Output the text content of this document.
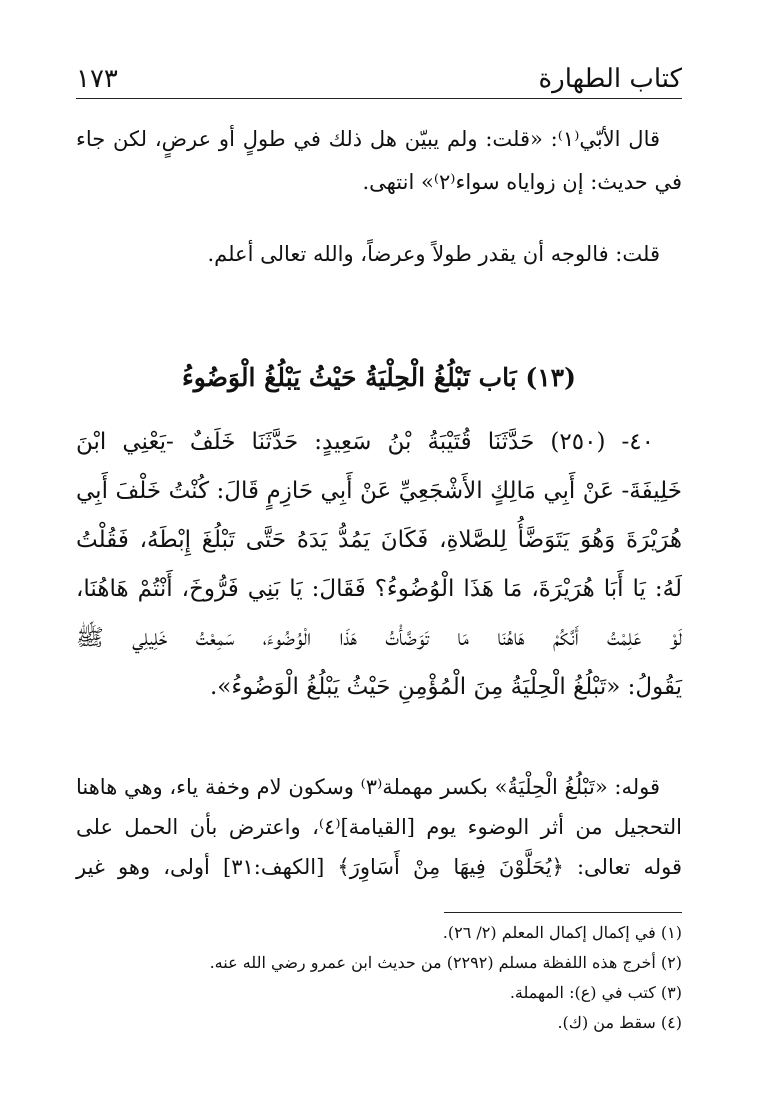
كتاب الطهارة
١٧٣

قال الأبّي⁽١⁾: «قلت: ولم يبيّن هل ذلك في طولٍ أو عرضٍ، لكن جاء

في حديث: إن زواياه سواء⁽٢⁾» انتهى.

قلت: فالوجه أن يقدر طولاً وعرضاً، والله تعالى أعلم.

(١٣) بَاب تَبْلُغُ الْحِلْيَةُ حَيْثُ يَبْلُغُ الْوَضُوءُ

٤٠- (٢٥٠) حَدَّثَنَا قُتَيْبَةُ بْنُ سَعِيدٍ: حَدَّثَنَا خَلَفٌ -يَعْنِي ابْنَ

خَلِيفَةَ- عَنْ أَبِي مَالِكٍ الأَشْجَعِيِّ عَنْ أَبِي حَازِمٍ قَالَ: كُنْتُ خَلْفَ أَبِي

هُرَيْرَةَ وَهُوَ يَتَوَضَّأُ لِلصَّلاةِ، فَكَانَ يَمُدُّ يَدَهُ حَتَّى تَبْلُغَ إِبْطَهُ، فَقُلْتُ

لَهُ: يَا أَبَا هُرَيْرَةَ، مَا هَذَا الْوُضُوءُ؟ فَقَالَ: يَا بَنِي فَرُّوخَ، أَنْتُمْ هَاهُنَا،

لَوْ عَلِمْتُ أَنَّكُمْ هَاهُنَا مَا تَوَضَّأْتُ هَذَا الْوُضُوءَ، سَمِعْتُ خَلِيلِي ﷺ

يَقُولُ: «تَبْلُغُ الْحِلْيَةُ مِنَ الْمُؤْمِنِ حَيْثُ يَبْلُغُ الْوَضُوءُ».

قوله: «تَبْلُغُ الْحِلْيَةُ» بكسر مهملة⁽٣⁾ وسكون لام وخفة ياء، وهي هاهنا

التحجيل من أثر الوضوء يوم [القيامة]⁽٤⁾، واعترض بأن الحمل على

قوله تعالى: ﴿يُحَلَّوْنَ فِيهَا مِنْ أَسَاوِرَ﴾ [الكهف:٣١] أولى، وهو غير

(١) في إكمال إكمال المعلم (٢/ ٢٦).

(٢) أخرج هذه اللفظة مسلم (٢٢٩٢) من حديث ابن عمرو رضي الله عنه.

(٣) كتب في (ع): المهملة.

(٤) سقط من (ك).
